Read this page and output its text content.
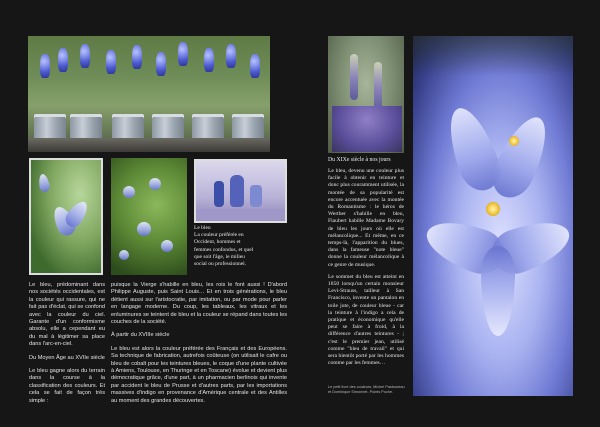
Le bleu
La couleur préférée en
Occident, hommes et
femmes confondus, et quel
que soit l'âge, le milieu
social ou professionnel.

Le bleu, prédominant dans nos sociétés occidentales, est la couleur qui rassure, qui ne fait pas d'éclat, qui se confond avec la couleur du ciel. Garante d'un conformisme absolu, elle a cependant eu du mal à légitimer sa place dans l'arc-en-ciel.

Du Moyen Âge au XVIIe siècle

Le bleu gagne alors du terrain dans la course à la classification des couleurs. Et cela se fait de façon très simple :

puisque la Vierge s'habille en bleu, les rois le font aussi ! D'abord Philippe Auguste, puis Saint Louis… Et en trois générations, le bleu détient aussi sur l'aristocratie, par imitation, ou par mode pour parler en langage moderne. Du coup, les tableaux, les vitraux et les enluminures se teintent de bleu et la couleur se répand dans toutes les couches de la société.

À partir du XVIIIe siècle

Le bleu est alors la couleur préférée des Français et des Européens. Sa technique de fabrication, autrefois coûteuse (on utilisait le cafre ou bleu de cobalt pour les teintures bleues, le coque d'une plante cultivée à Amiens, Toulouse, en Thuringe et en Toscane) évolue et devient plus démocratique grâce, d'une part, à un pharmacien berlinois qui invente par accident le bleu de Prusse et d'autres parts, par les importations massives d'indigo en provenance d'Amérique centrale et des Antilles au moment des grandes découvertes.

Du XIXe siècle à nos jours

Le bleu, devenu une couleur plus facile à obtenir en teinture et donc plus couramment utilisée, la montée de sa popularité est encore accentuée avec la montée du Romantisme : le héros de Werther s'habille en bleu, Flaubert habille Madame Bovary de bleu les jours où elle est mélancolique... Et même, en ce temps-là, l'apparition du blues, dans la fameuse "note bleue" donne la couleur mélancolique à ce genre de musique.

Le sommet du bleu est atteint en 1850 lorsqu'un certain monsieur Levi-Strauss, tailleur à San Francisco, invente un pantalon en toile jute, de couleur bleue - car la teinture à l'indigo a cela de pratique et économique qu'elle peut se faire à froid, à la différence d'autres teintures - ; c'est le premier jean, utilisé comme "bleu de travail" et qui sera bientôt porté par les hommes comme par les femmes…

Le petit livre des couleurs, Michel Pastoureau et Dominique Simonnet, Points Poche.
